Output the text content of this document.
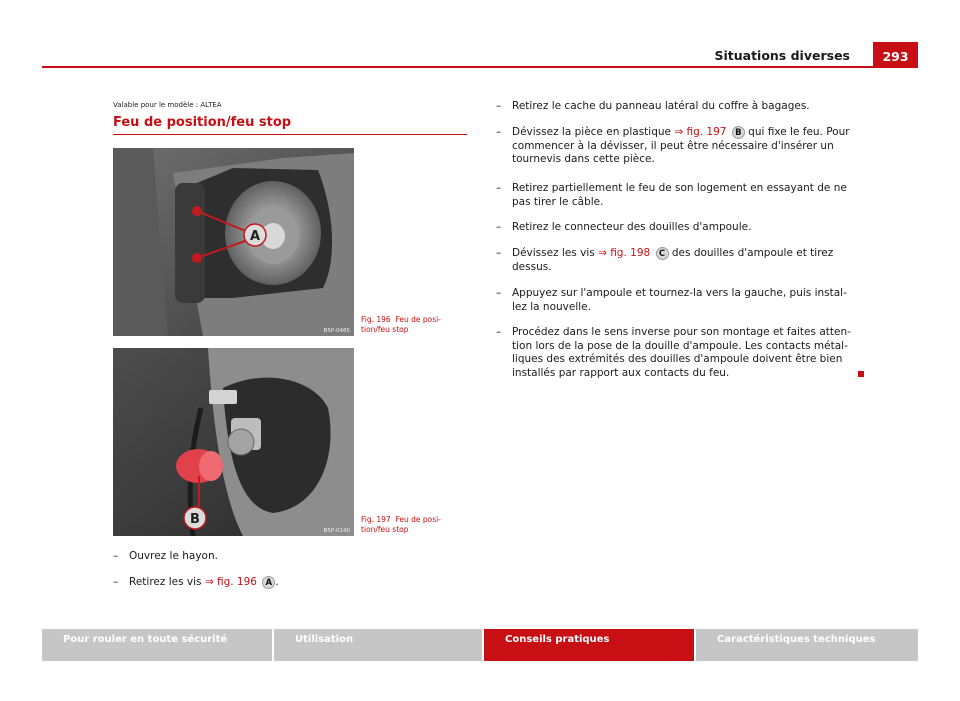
Situations diverses	293
Valable pour le modèle : ALTEA
Feu de position/feu stop
A
B5P-0485
Fig. 196 Feu de posi-
tion/feu stop
B
B5P-0140
Fig. 197 Feu de posi-
tion/feu stop
–	Ouvrez le hayon.
–	Retirez les vis ⇒ fig. 196 A .
–	Retirez le cache du panneau latéral du coffre à bagages.
–	Dévissez la pièce en plastique ⇒ fig. 197 B qui fixe le feu. Pour
commencer à la dévisser, il peut être nécessaire d'insérer un
tournevis dans cette pièce.
–	Retirez partiellement le feu de son logement en essayant de ne
pas tirer le câble.
–	Retirez le connecteur des douilles d'ampoule.
–	Dévissez les vis ⇒ fig. 198 C des douilles d'ampoule et tirez
dessus.
–	Appuyez sur l'ampoule et tournez-la vers la gauche, puis instal-
lez la nouvelle.
–	Procédez dans le sens inverse pour son montage et faites atten-
tion lors de la pose de la douille d'ampoule. Les contacts métal-
liques des extrémités des douilles d'ampoule doivent être bien
installés par rapport aux contacts du feu.
Pour rouler en toute sécurité	Utilisation	Conseils pratiques	Caractéristiques techniques
